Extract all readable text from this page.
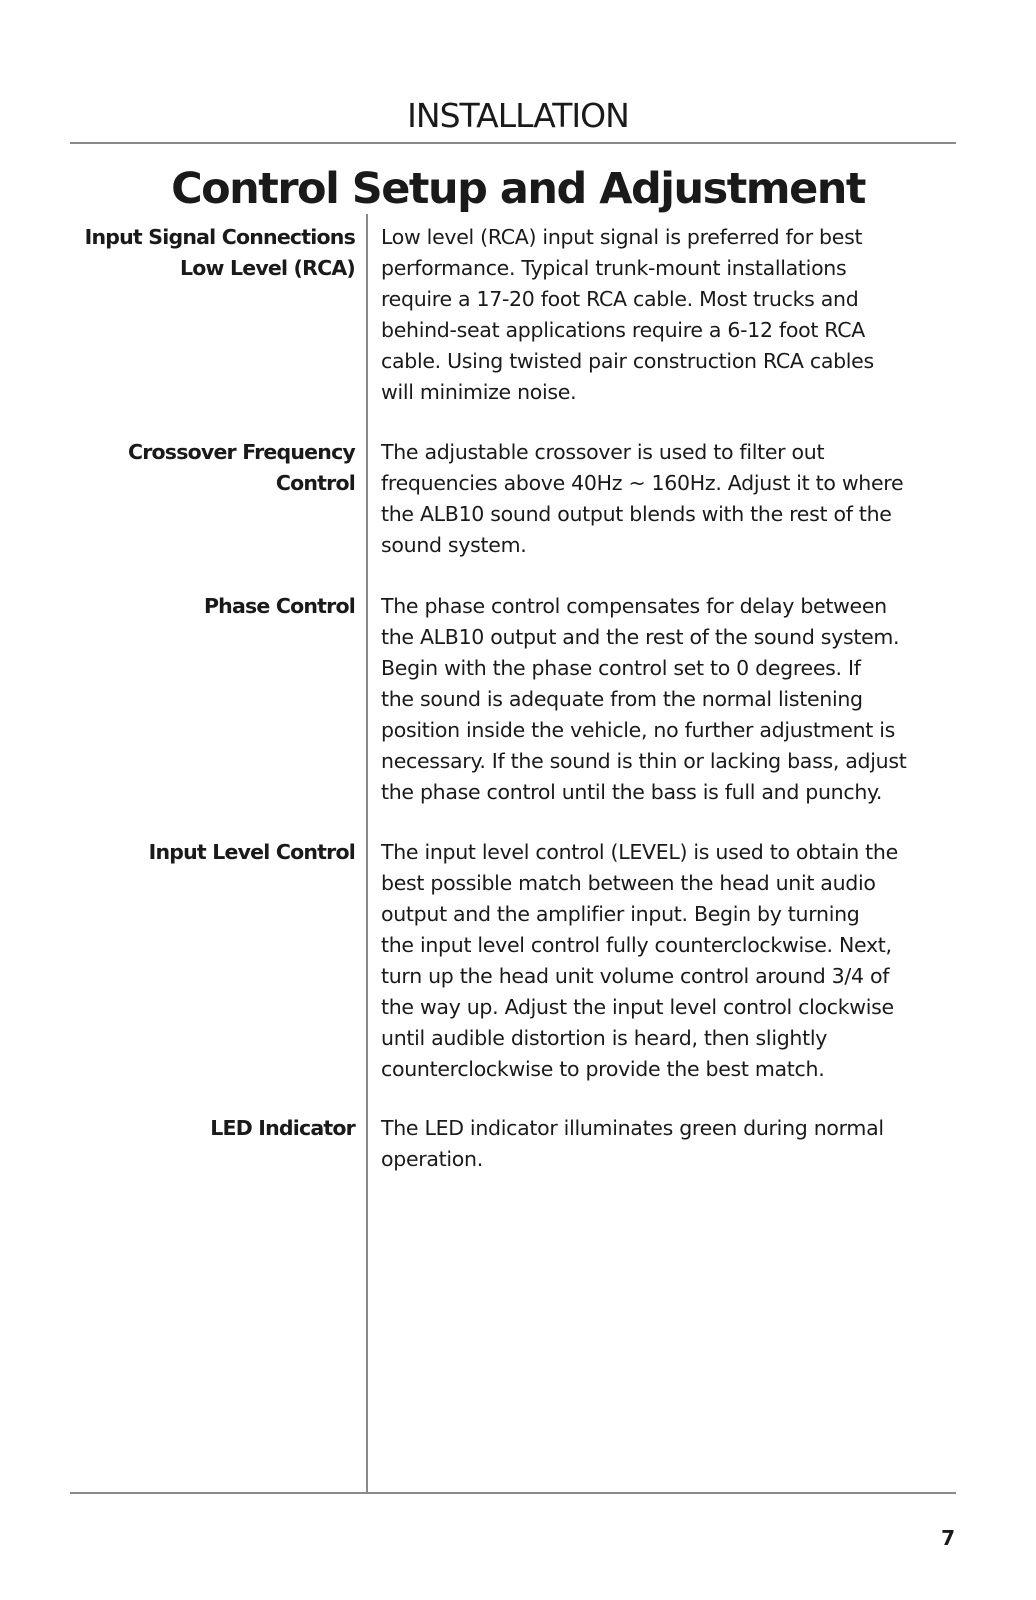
INSTALLATION
Control Setup and Adjustment
Input Signal Connections
Low Level (RCA)

Low level (RCA) input signal is preferred for best
performance. Typical trunk-mount installations
require a 17-20 foot RCA cable. Most trucks and
behind-seat applications require a 6-12 foot RCA
cable. Using twisted pair construction RCA cables
will minimize noise.

Crossover Frequency
Control

The adjustable crossover is used to filter out
frequencies above 40Hz ~ 160Hz. Adjust it to where
the ALB10 sound output blends with the rest of the
sound system.

Phase Control The phase control compensates for delay between
the ALB10 output and the rest of the sound system.
Begin with the phase control set to 0 degrees. If
the sound is adequate from the normal listening
position inside the vehicle, no further adjustment is
necessary. If the sound is thin or lacking bass, adjust
the phase control until the bass is full and punchy.

Input Level Control The input level control (LEVEL) is used to obtain the
best possible match between the head unit audio
output and the amplifier input. Begin by turning
the input level control fully counterclockwise. Next,
turn up the head unit volume control around 3/4 of
the way up. Adjust the input level control clockwise
until audible distortion is heard, then slightly
counterclockwise to provide the best match.

LED Indicator The LED indicator illuminates green during normal
operation.

7
